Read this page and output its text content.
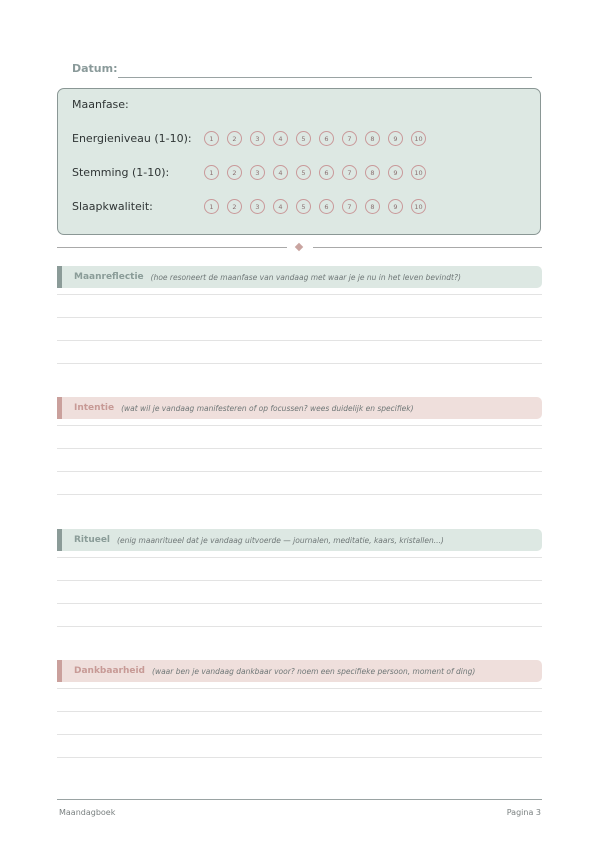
Datum:
Maanfase:
Energieniveau (1-10):	1	2	3	4	5	6	7	8	9	10
Stemming (1-10):	1	2	3	4	5	6	7	8	9	10
Slaapkwaliteit:	1	2	3	4	5	6	7	8	9	10
Maanreflectie (hoe resoneert de maanfase van vandaag met waar je je nu in het leven bevindt?)
Intentie (wat wil je vandaag manifesteren of op focussen? wees duidelijk en specifiek)
Ritueel (enig maanritueel dat je vandaag uitvoerde — journalen, meditatie, kaars, kristallen...)
Dankbaarheid (waar ben je vandaag dankbaar voor? noem een specifieke persoon, moment of ding)
Maandagboek	Pagina 3
